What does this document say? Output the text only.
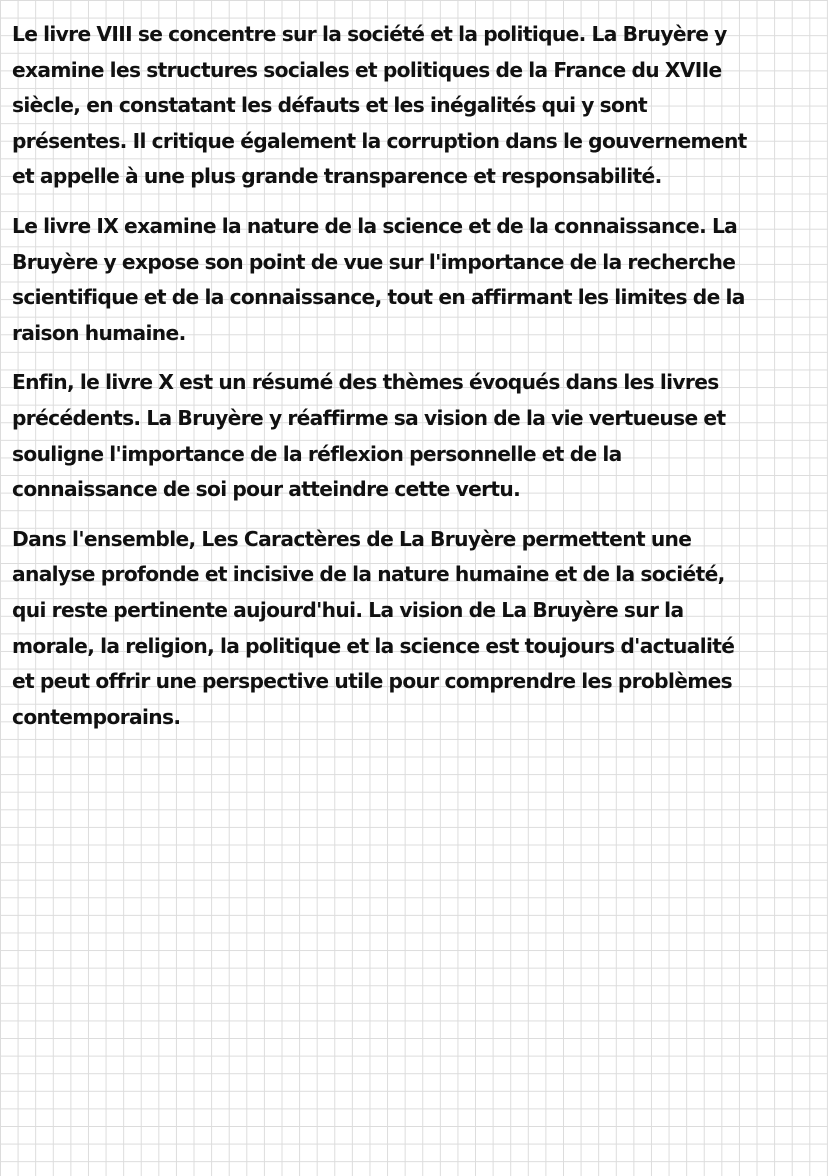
Le livre VIII se concentre sur la société et la politique. La Bruyère y
examine les structures sociales et politiques de la France du XVIIe
siècle, en constatant les défauts et les inégalités qui y sont
présentes. Il critique également la corruption dans le gouvernement
et appelle à une plus grande transparence et responsabilité.

Le livre IX examine la nature de la science et de la connaissance. La
Bruyère y expose son point de vue sur l'importance de la recherche
scientifique et de la connaissance, tout en affirmant les limites de la
raison humaine.

Enfin, le livre X est un résumé des thèmes évoqués dans les livres
précédents. La Bruyère y réaffirme sa vision de la vie vertueuse et
souligne l'importance de la réflexion personnelle et de la
connaissance de soi pour atteindre cette vertu.

Dans l'ensemble, Les Caractères de La Bruyère permettent une
analyse profonde et incisive de la nature humaine et de la société,
qui reste pertinente aujourd'hui. La vision de La Bruyère sur la
morale, la religion, la politique et la science est toujours d'actualité
et peut offrir une perspective utile pour comprendre les problèmes
contemporains.
